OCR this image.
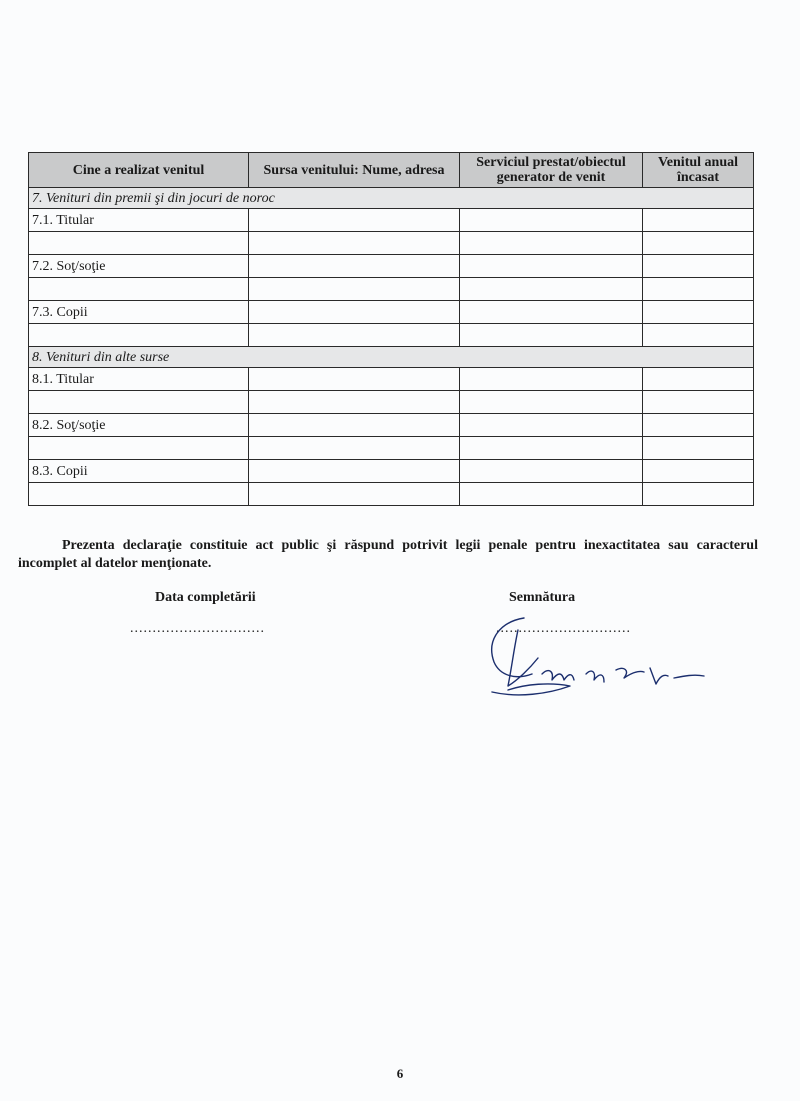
Cine a realizat venitul	Sursa venitului: Nume, adresa	Serviciul prestat/obiectul generator de venit	Venitul anual încasat
7. Venituri din premii şi din jocuri de noroc			
7.1. Titular			

7.2. Soţ/soţie			

7.3. Copii			

8. Venituri din alte surse			
8.1. Titular			

8.2. Soţ/soţie			

8.3. Copii			

Prezenta declaraţie constituie act public şi răspund potrivit legii penale pentru inexactitatea sau caracterul incomplet al datelor menţionate.
Data completării
..............................
Semnătura
..............................
6
